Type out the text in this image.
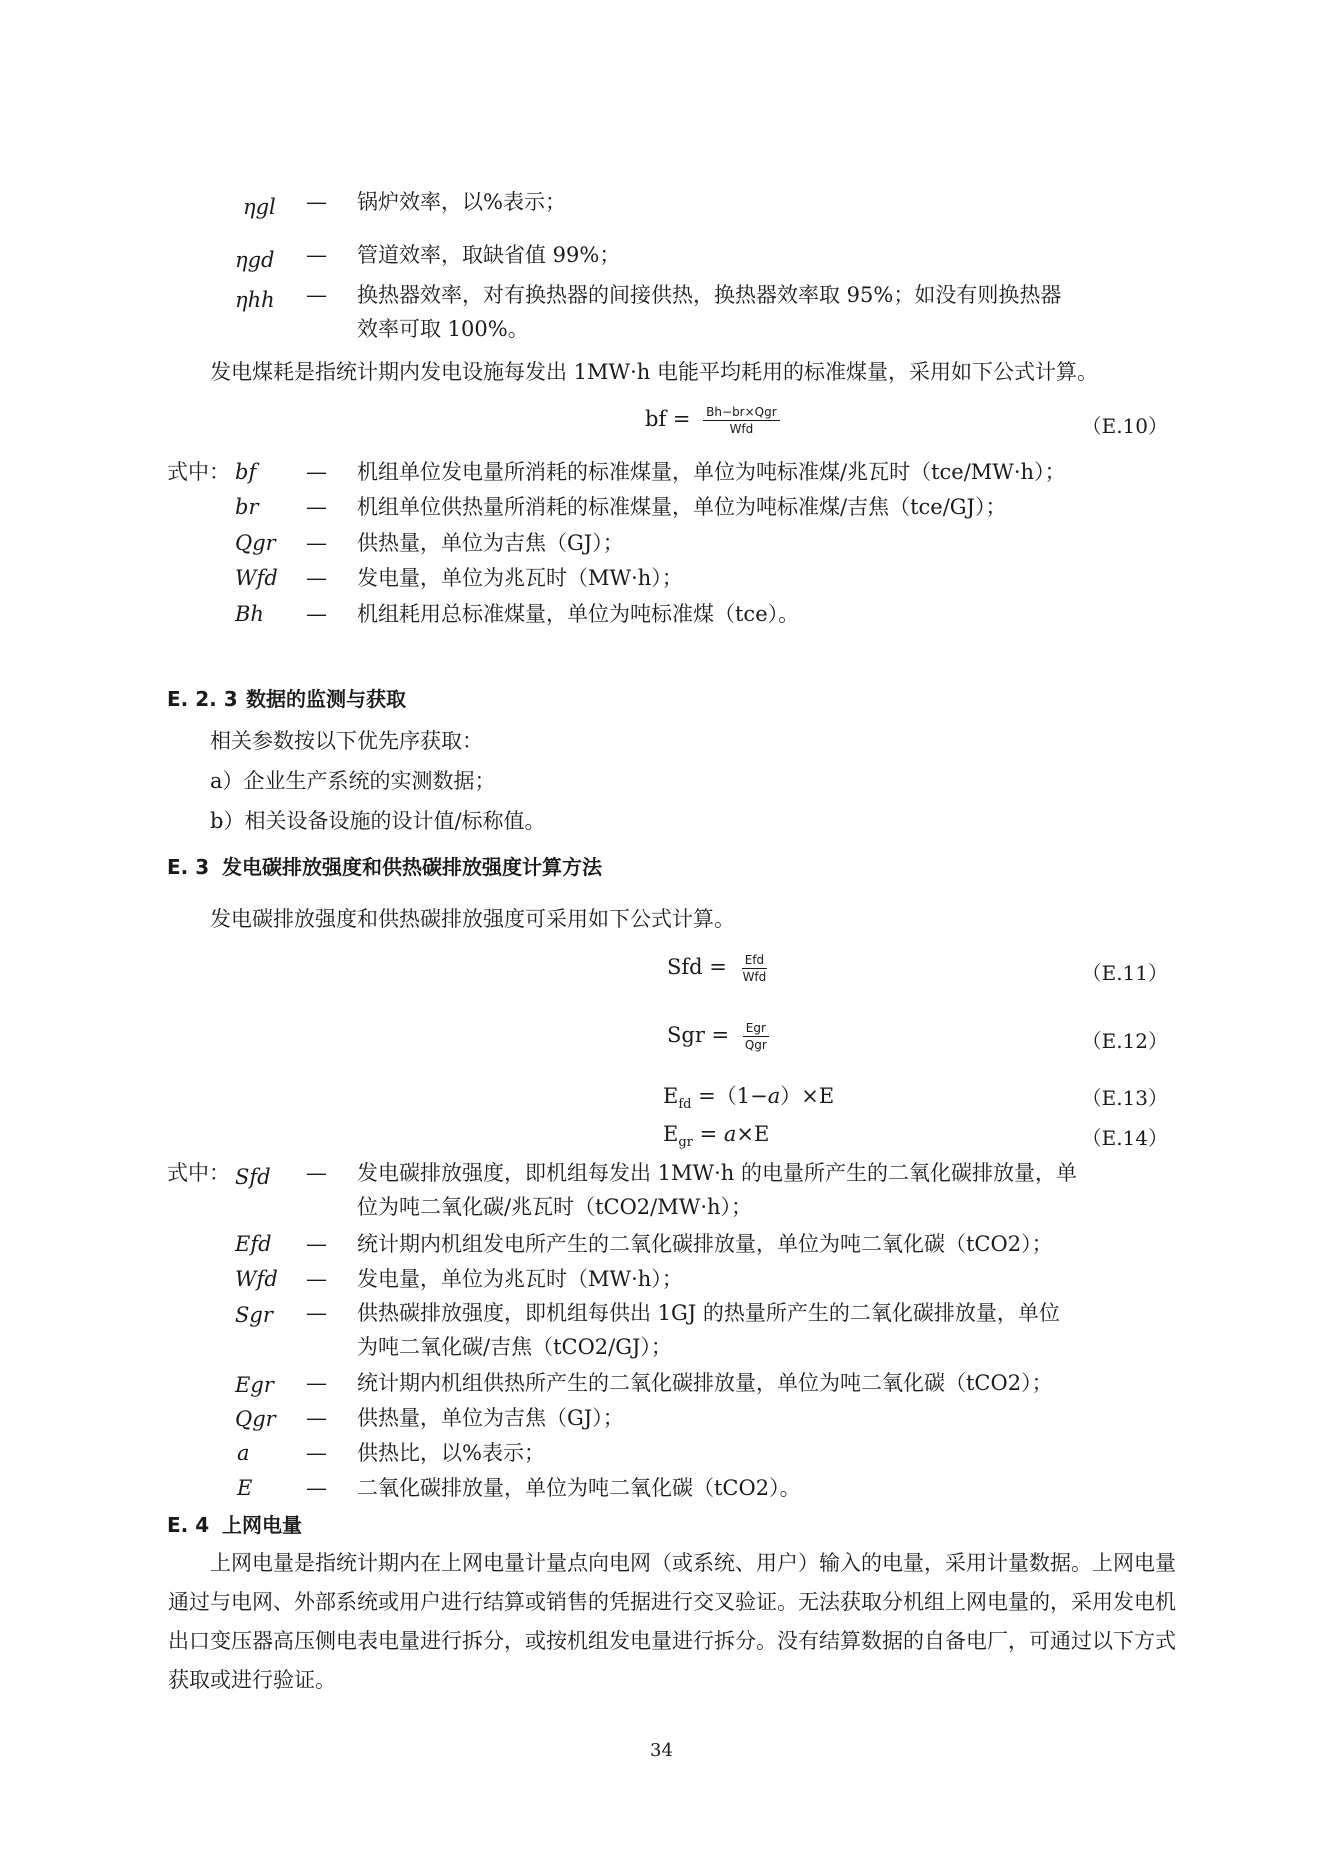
ηgl — 锅炉效率，以%表示；
ηgd — 管道效率，取缺省值 99%；
ηhh — 换热器效率，对有换热器的间接供热，换热器效率取 95%；如没有则换热器
效率可取 100%。
发电煤耗是指统计期内发电设施每发出 1MW·h 电能平均耗用的标准煤量，采用如下公式计算。
bf = $\frac{\text{Bh−br×Qgr}}{\text{Wfd}}$	（E.10）
式中： bf — 机组单位发电量所消耗的标准煤量，单位为吨标准煤/兆瓦时（tce/MW·h）；
br — 机组单位供热量所消耗的标准煤量，单位为吨标准煤/吉焦（tce/GJ）；
Qgr — 供热量，单位为吉焦（GJ）；
Wfd — 发电量，单位为兆瓦时（MW·h）；
Bh — 机组耗用总标准煤量，单位为吨标准煤（tce）。
E. 2. 3 数据的监测与获取
相关参数按以下优先序获取：
a）企业生产系统的实测数据；
b）相关设备设施的设计值/标称值。
E. 3 发电碳排放强度和供热碳排放强度计算方法
发电碳排放强度和供热碳排放强度可采用如下公式计算。
Sfd = $\frac{\text{Efd}}{\text{Wfd}}$	（E.11）
Sgr = $\frac{\text{Egr}}{\text{Qgr}}$	（E.12）
$E_{fd} =(1-a)\times E$	（E.13）
$E_{gr} = a\times E$	（E.14）
式中： Sfd — 发电碳排放强度，即机组每发出 1MW·h 的电量所产生的二氧化碳排放量，单
位为吨二氧化碳/兆瓦时（tCO2/MW·h）；
Efd — 统计期内机组发电所产生的二氧化碳排放量，单位为吨二氧化碳（tCO2）；
Wfd — 发电量，单位为兆瓦时（MW·h）；
Sgr — 供热碳排放强度，即机组每供出 1GJ 的热量所产生的二氧化碳排放量，单位
为吨二氧化碳/吉焦（tCO2/GJ）；
Egr — 统计期内机组供热所产生的二氧化碳排放量，单位为吨二氧化碳（tCO2）；
Qgr — 供热量，单位为吉焦（GJ）；
a	— 供热比，以%表示；
E	— 二氧化碳排放量，单位为吨二氧化碳（tCO2）。
E. 4 上网电量
上网电量是指统计期内在上网电量计量点向电网（或系统、用户）输入的电量，采用计量数据。上网电量通过与电网、外部系统或用户进行结算或销售的凭据进行交叉验证。无法获取分机组上网电量的，采用发电机出口变压器高压侧电表电量进行拆分，或按机组发电量进行拆分。没有结算数据的自备电厂，可通过以下方式获取或进行验证。
34
